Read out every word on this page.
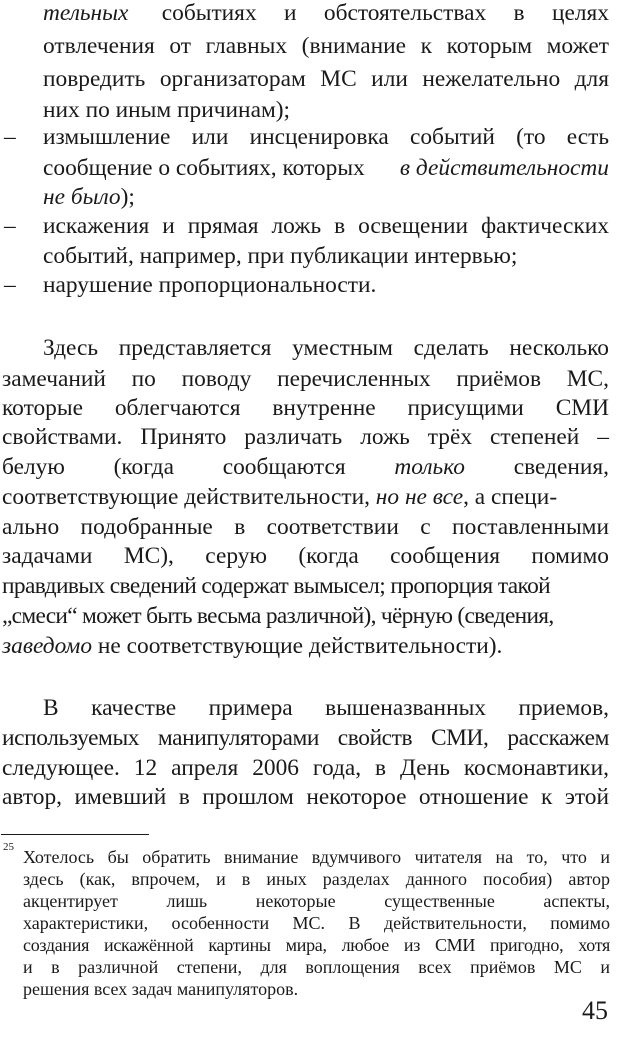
тельных событиях и обстоятельствах в целях
отвлечения от главных (внимание к которым может
повредить организаторам МС или нежелательно для
них по иным причинам);
– измышление или инсценировка событий (то есть
сообщение о событиях, которых в действительности
не было);
– искажения и прямая ложь в освещении фактических
событий, например, при публикации интервью;
– нарушение пропорциональности.
Здесь представляется уместным сделать несколько
замечаний по поводу перечисленных приёмов МС,
которые облегчаются внутренне присущими СМИ
свойствами. Принято различать ложь трёх степеней –
белую (когда сообщаются только сведения,
соответствующие действительности, но не все, а специ-
ально подобранные в соответствии с поставленными
задачами МС), серую (когда сообщения помимо
правдивых сведений содержат вымысел; пропорция такой
„смеси“ может быть весьма различной), чёрную (сведения,
заведомо не соответствующие действительности).
В качестве примера вышеназванных приемов,
используемых манипуляторами свойств СМИ, расскажем
следующее. 12 апреля 2006 года, в День космонавтики,
автор, имевший в прошлом некоторое отношение к этой
25 Хотелось бы обратить внимание вдумчивого читателя на то, что и
здесь (как, впрочем, и в иных разделах данного пособия) автор
акцентирует лишь некоторые существенные аспекты,
характеристики, особенности МС. В действительности, помимо
создания искажённой картины мира, любое из СМИ пригодно, хотя
и в различной степени, для воплощения всех приёмов МС и
решения всех задач манипуляторов.
45
